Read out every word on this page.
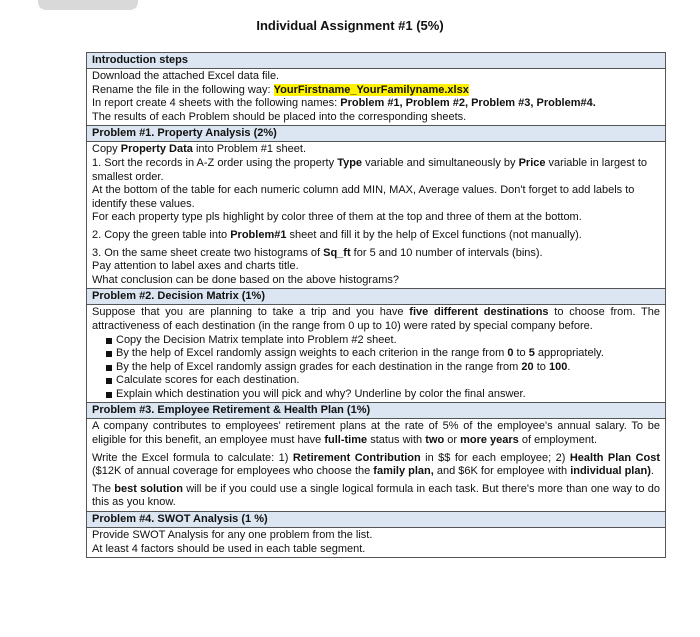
Individual Assignment #1 (5%)
Introduction steps

Download the attached Excel data file.

Rename the file in the following way: YourFirstname_YourFamilyname.xlsx

In report create 4 sheets with the following names: Problem #1, Problem #2, Problem #3, Problem#4.

The results of each Problem should be placed into the corresponding sheets.

Problem #1. Property Analysis (2%)

Copy Property Data into Problem #1 sheet.

1. Sort the records in A-Z order using the property Type variable and simultaneously by Price variable in largest to smallest order.

At the bottom of the table for each numeric column add MIN, MAX, Average values. Don't forget to add labels to identify these values.

For each property type pls highlight by color three of them at the top and three of them at the bottom.

2. Copy the green table into Problem#1 sheet and fill it by the help of Excel functions (not manually).

3. On the same sheet create two histograms of Sq_ft for 5 and 10 number of intervals (bins).

Pay attention to label axes and charts title.

What conclusion can be done based on the above histograms?

Problem #2. Decision Matrix (1%)

Suppose that you are planning to take a trip and you have five different destinations to choose from. The attractiveness of each destination (in the range from 0 up to 10) were rated by special company before.

Copy the Decision Matrix template into Problem #2 sheet.
By the help of Excel randomly assign weights to each criterion in the range from 0 to 5 appropriately.
By the help of Excel randomly assign grades for each destination in the range from 20 to 100.
Calculate scores for each destination.
Explain which destination you will pick and why? Underline by color the final answer.
Problem #3. Employee Retirement & Health Plan (1%)

A company contributes to employees' retirement plans at the rate of 5% of the employee's annual salary. To be eligible for this benefit, an employee must have full-time status with two or more years of employment.

Write the Excel formula to calculate: 1) Retirement Contribution in $$ for each employee; 2) Health Plan Cost ($12K of annual coverage for employees who choose the family plan, and $6K for employee with individual plan).

The best solution will be if you could use a single logical formula in each task. But there's more than one way to do this as you know.

Problem #4. SWOT Analysis (1 %)

Provide SWOT Analysis for any one problem from the list.

At least 4 factors should be used in each table segment.
